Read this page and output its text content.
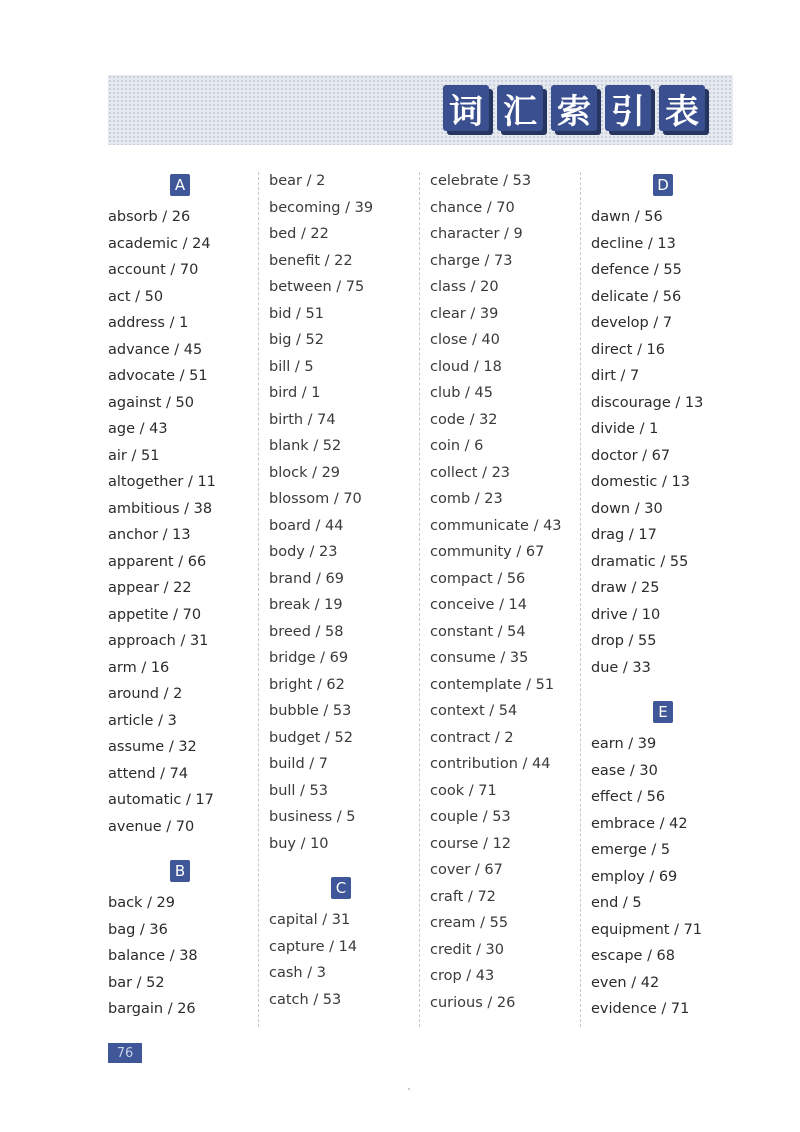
词 汇 索 引 表
A
absorb / 26
academic / 24
account / 70
act / 50
address / 1
advance / 45
advocate / 51
against / 50
age / 43
air / 51
altogether / 11
ambitious / 38
anchor / 13
apparent / 66
appear / 22
appetite / 70
approach / 31
arm / 16
around / 2
article / 3
assume / 32
attend / 74
automatic / 17
avenue / 70
B
back / 29
bag / 36
balance / 38
bar / 52
bargain / 26
bear / 2
becoming / 39
bed / 22
benefit / 22
between / 75
bid / 51
big / 52
bill / 5
bird / 1
birth / 74
blank / 52
block / 29
blossom / 70
board / 44
body / 23
brand / 69
break / 19
breed / 58
bridge / 69
bright / 62
bubble / 53
budget / 52
build / 7
bull / 53
business / 5
buy / 10
C
capital / 31
capture / 14
cash / 3
catch / 53
celebrate / 53
chance / 70
character / 9
charge / 73
class / 20
clear / 39
close / 40
cloud / 18
club / 45
code / 32
coin / 6
collect / 23
comb / 23
communicate / 43
community / 67
compact / 56
conceive / 14
constant / 54
consume / 35
contemplate / 51
context / 54
contract / 2
contribution / 44
cook / 71
couple / 53
course / 12
cover / 67
craft / 72
cream / 55
credit / 30
crop / 43
curious / 26
D
dawn / 56
decline / 13
defence / 55
delicate / 56
develop / 7
direct / 16
dirt / 7
discourage / 13
divide / 1
doctor / 67
domestic / 13
down / 30
drag / 17
dramatic / 55
draw / 25
drive / 10
drop / 55
due / 33
E
earn / 39
ease / 30
effect / 56
embrace / 42
emerge / 5
employ / 69
end / 5
equipment / 71
escape / 68
even / 42
evidence / 71
76
